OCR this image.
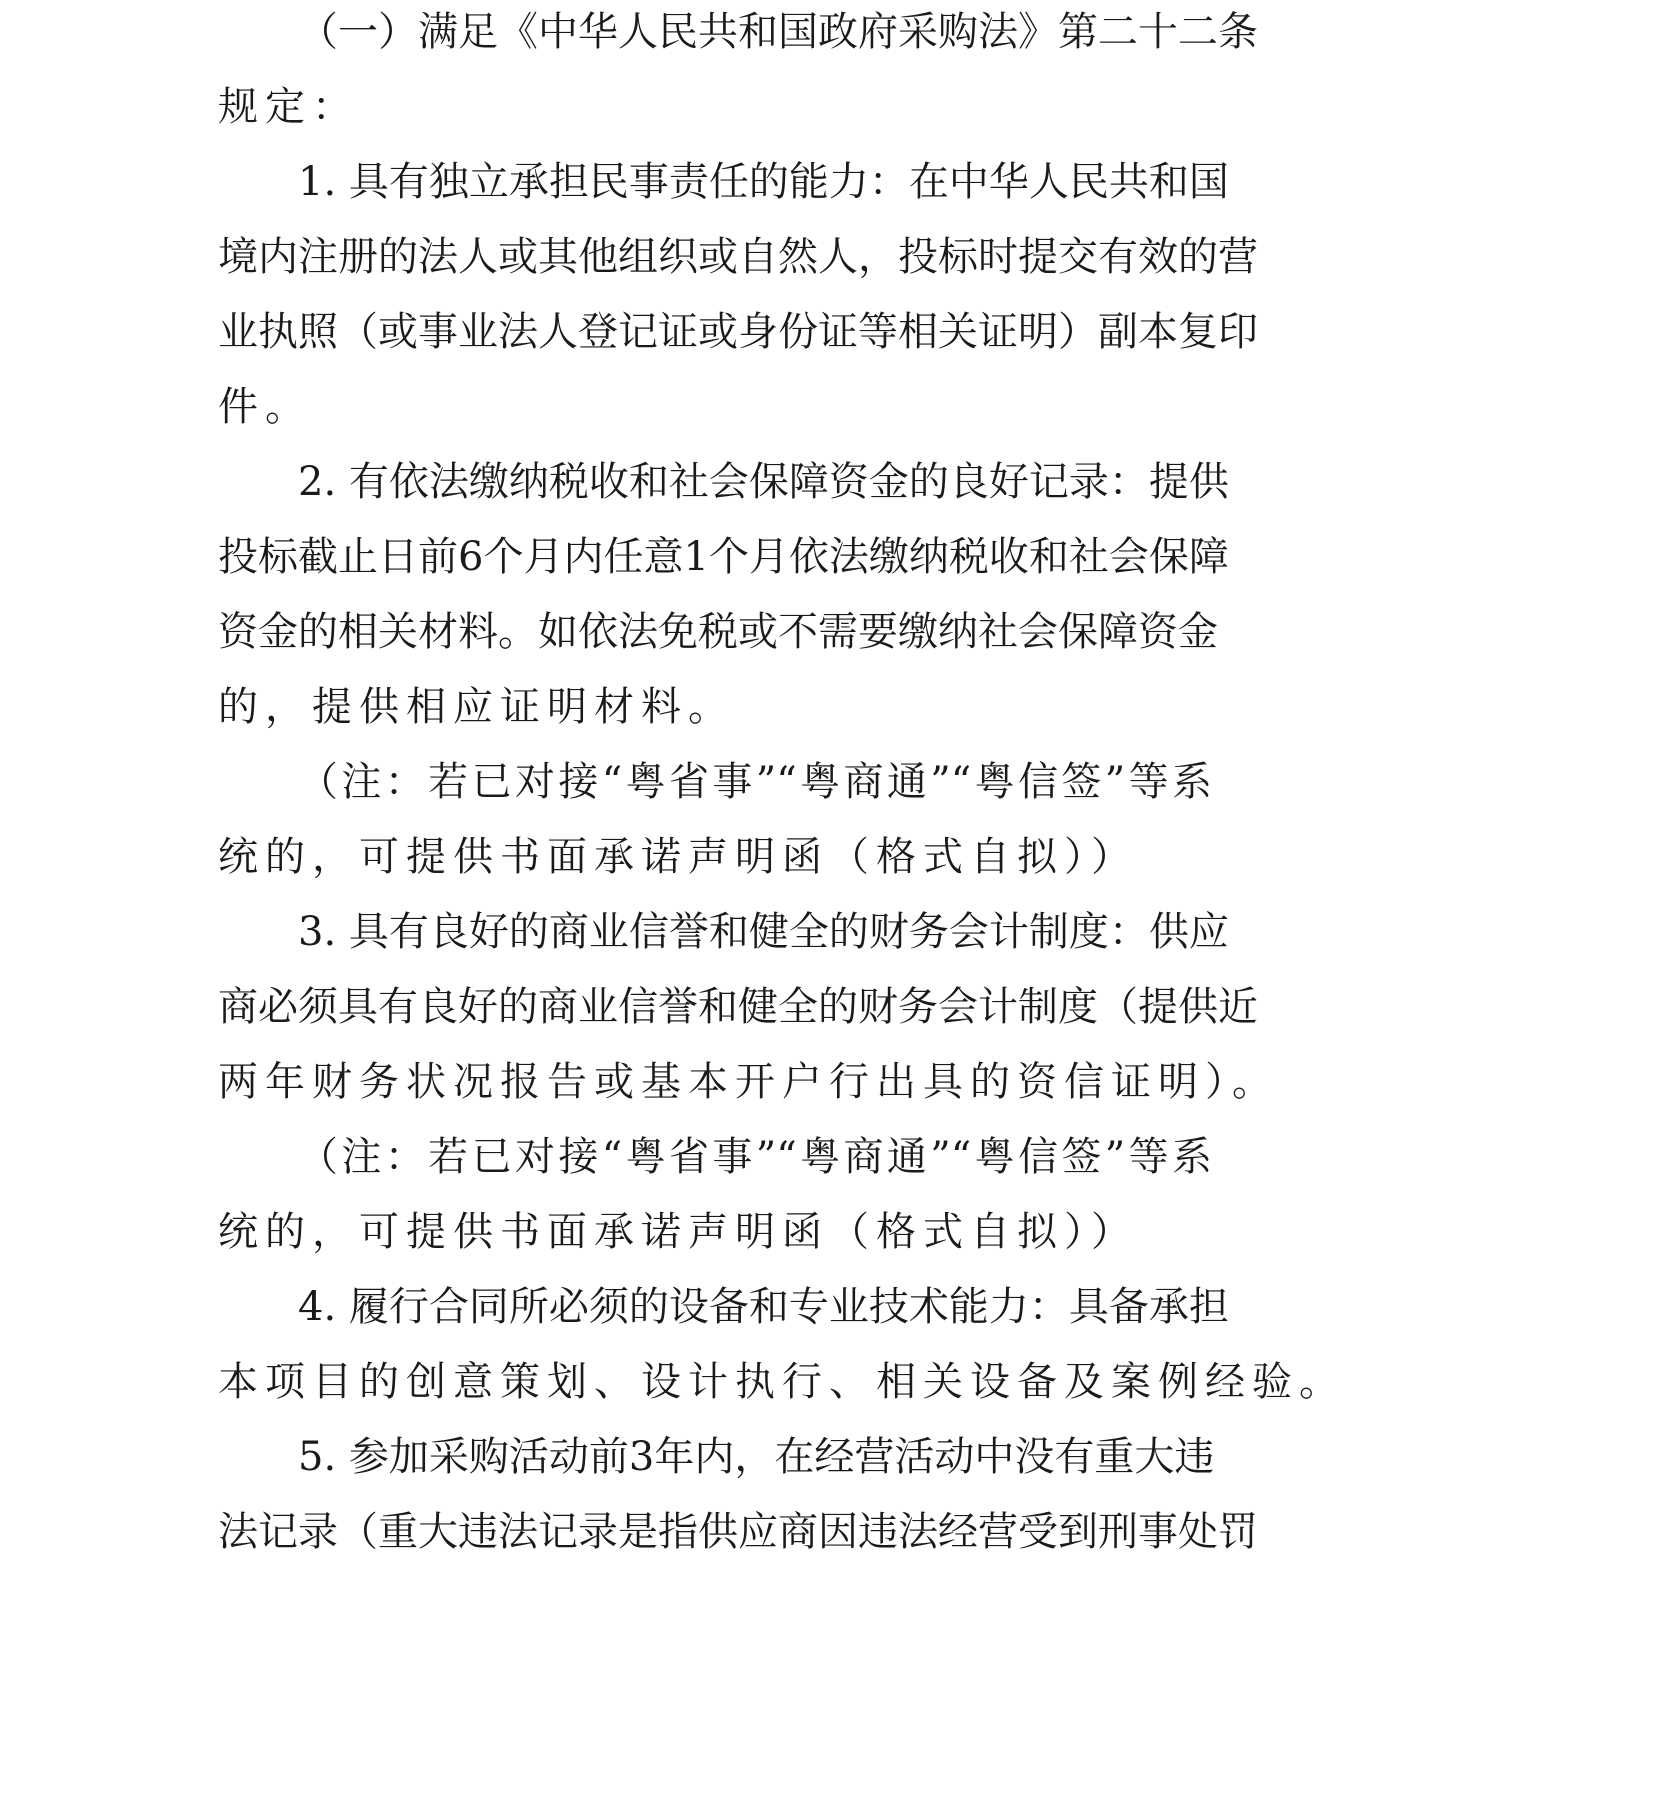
（一）满足《中华人民共和国政府采购法》第二十二条
规定：
1. 具有独立承担民事责任的能力：在中华人民共和国
境内注册的法人或其他组织或自然人，投标时提交有效的营
业执照（或事业法人登记证或身份证等相关证明）副本复印
件。
2. 有依法缴纳税收和社会保障资金的良好记录：提供
投标截止日前6个月内任意1个月依法缴纳税收和社会保障
资金的相关材料。如依法免税或不需要缴纳社会保障资金
的，提供相应证明材料。
（注：若已对接“粤省事”“粤商通”“粤信签”等系
统的，可提供书面承诺声明函（格式自拟））
3. 具有良好的商业信誉和健全的财务会计制度：供应
商必须具有良好的商业信誉和健全的财务会计制度（提供近
两年财务状况报告或基本开户行出具的资信证明）。
（注：若已对接“粤省事”“粤商通”“粤信签”等系
统的，可提供书面承诺声明函（格式自拟））
4. 履行合同所必须的设备和专业技术能力：具备承担
本项目的创意策划、设计执行、相关设备及案例经验。
5. 参加采购活动前3年内，在经营活动中没有重大违
法记录（重大违法记录是指供应商因违法经营受到刑事处罚
